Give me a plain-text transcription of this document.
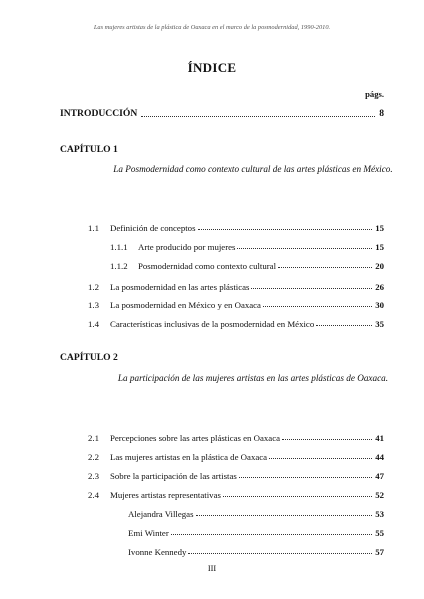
Las mujeres artistas de la plástica de Oaxaca en el marco de la posmodernidad, 1990-2010.
ÍNDICE
págs.
INTRODUCCIÓN	8
CAPÍTULO 1
La Posmodernidad como contexto cultural de las artes plásticas en México.
1.1	Definición de conceptos	15
1.1.1	Arte producido por mujeres	15
1.1.2	Posmodernidad como contexto cultural	20
1.2	La posmodernidad en las artes plásticas	26
1.3	La posmodernidad en México y en Oaxaca	30
1.4	Características inclusivas de la posmodernidad en México	35
CAPÍTULO 2
La participación de las mujeres artistas en las artes plásticas de Oaxaca.
2.1	Percepciones sobre las artes plásticas en Oaxaca	41
2.2	Las mujeres artistas en la plástica de Oaxaca	44
2.3	Sobre la participación de las artistas	47
2.4	Mujeres artistas representativas	52
Alejandra Villegas	53
Emi Winter	55
Ivonne Kennedy	57
III
